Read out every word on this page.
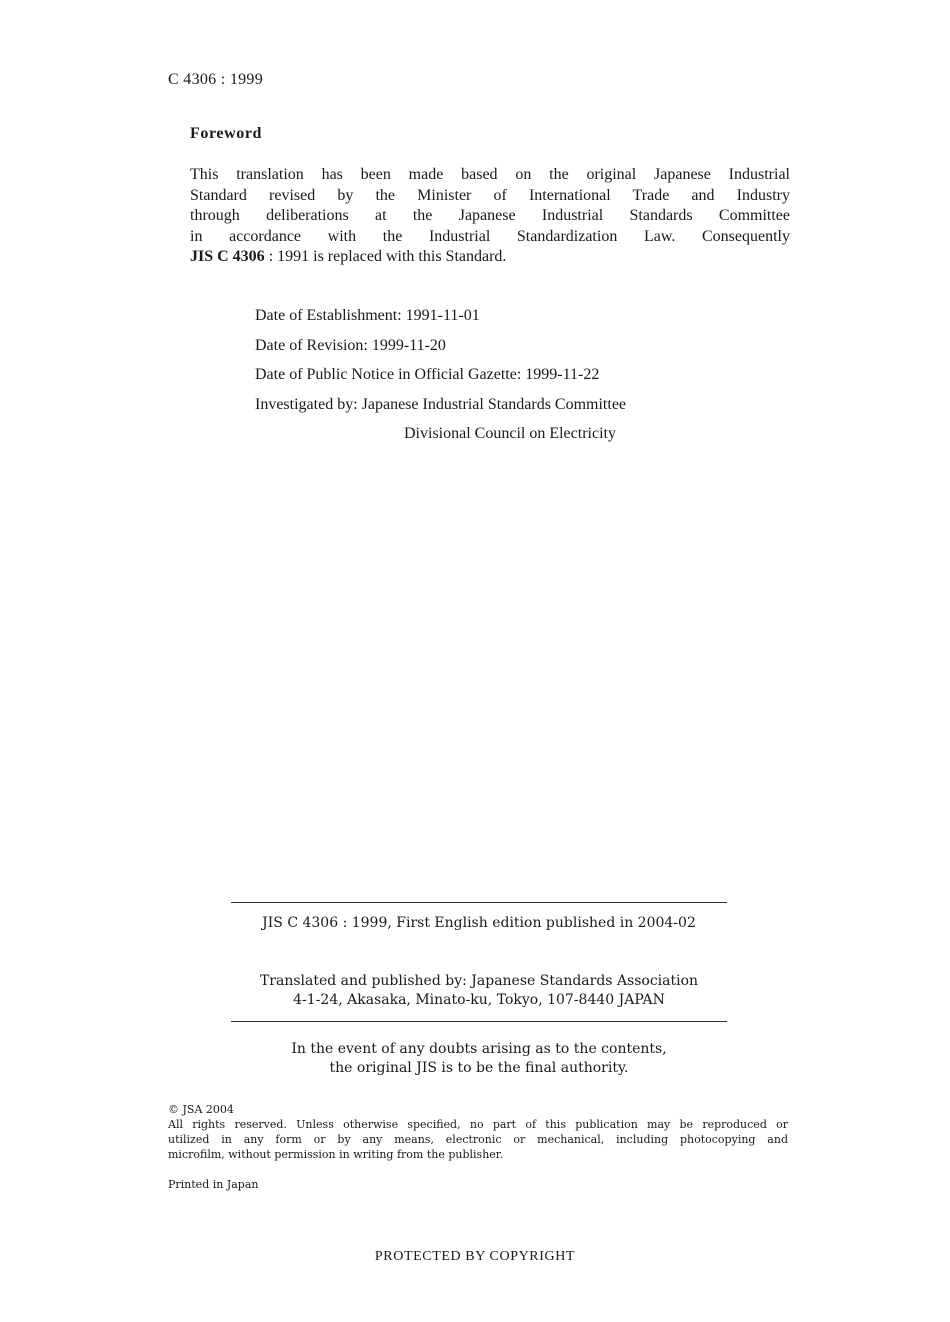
C 4306 : 1999
Foreword

This translation has been made based on the original Japanese Industrial
Standard revised by the Minister of International Trade and Industry
through deliberations at the Japanese Industrial Standards Committee
in accordance with the Industrial Standardization Law. Consequently
JIS C 4306 : 1991 is replaced with this Standard.

Date of Establishment: 1991-11-01
Date of Revision: 1999-11-20
Date of Public Notice in Official Gazette: 1999-11-22
Investigated by: Japanese Industrial Standards Committee
Divisional Council on Electricity
JIS C 4306 : 1999, First English edition published in 2004-02
Translated and published by: Japanese Standards Association
4-1-24, Akasaka, Minato-ku, Tokyo, 107-8440 JAPAN
In the event of any doubts arising as to the contents,
the original JIS is to be the final authority.
© JSA 2004
All rights reserved. Unless otherwise specified, no part of this publication may be reproduced or
utilized in any form or by any means, electronic or mechanical, including photocopying and
microfilm, without permission in writing from the publisher.
Printed in Japan
PROTECTED BY COPYRIGHT
